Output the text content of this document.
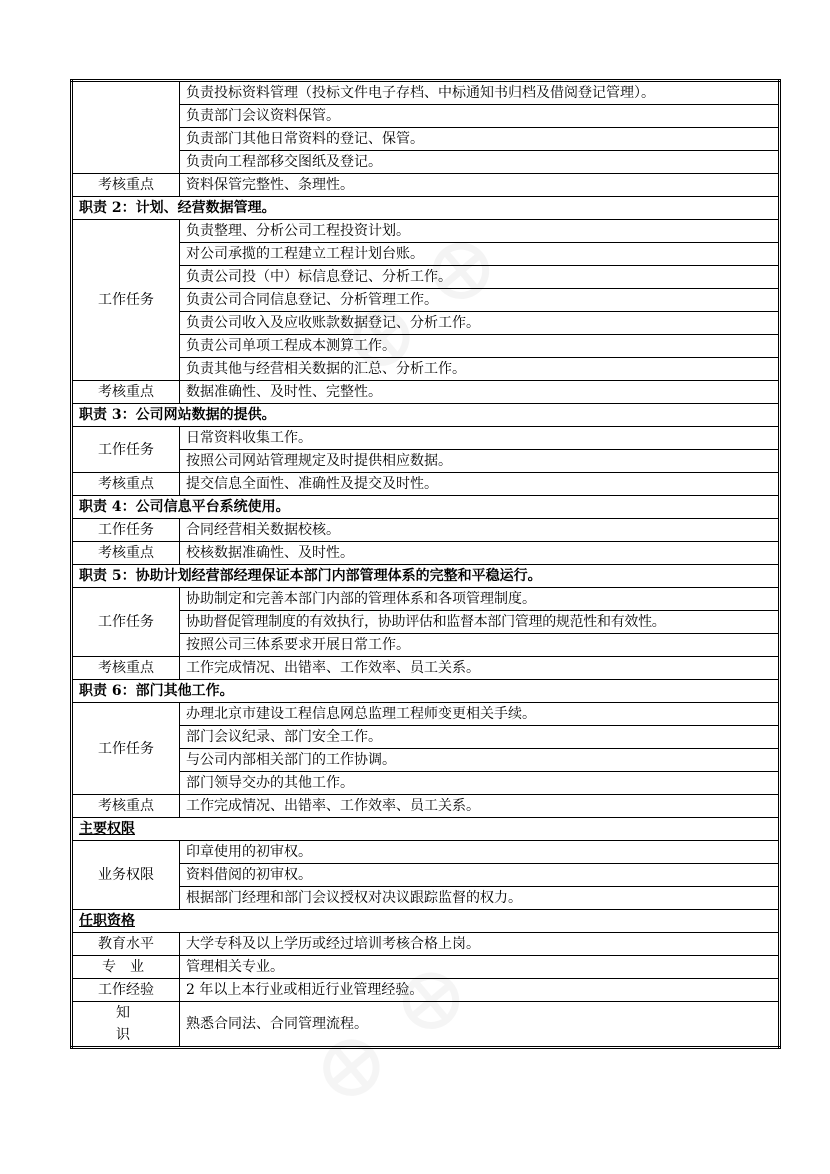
	负责投标资料管理（投标文件电子存档、中标通知书归档及借阅登记管理）。
	负责部门会议资料保管。
	负责部门其他日常资料的登记、保管。
	负责向工程部移交图纸及登记。
考核重点	资料保管完整性、条理性。
职责 2：计划、经营数据管理。	
工作任务	负责整理、分析公司工程投资计划。
	对公司承揽的工程建立工程计划台账。
	负责公司投（中）标信息登记、分析工作。
	负责公司合同信息登记、分析管理工作。
	负责公司收入及应收账款数据登记、分析工作。
	负责公司单项工程成本测算工作。
	负责其他与经营相关数据的汇总、分析工作。
考核重点	数据准确性、及时性、完整性。
职责 3：公司网站数据的提供。	
工作任务	日常资料收集工作。
	按照公司网站管理规定及时提供相应数据。
考核重点	提交信息全面性、准确性及提交及时性。
职责 4：公司信息平台系统使用。	
工作任务	合同经营相关数据校核。
考核重点	校核数据准确性、及时性。
职责 5：协助计划经营部经理保证本部门内部管理体系的完整和平稳运行。	
工作任务	协助制定和完善本部门内部的管理体系和各项管理制度。
	协助督促管理制度的有效执行，协助评估和监督本部门管理的规范性和有效性。
	按照公司三体系要求开展日常工作。
考核重点	工作完成情况、出错率、工作效率、员工关系。
职责 6：部门其他工作。	
工作任务	办理北京市建设工程信息网总监理工程师变更相关手续。
	部门会议纪录、部门安全工作。
	与公司内部相关部门的工作协调。
	部门领导交办的其他工作。
考核重点	工作完成情况、出错率、工作效率、员工关系。
主要权限	
业务权限	印章使用的初审权。
	资料借阅的初审权。
	根据部门经理和部门会议授权对决议跟踪监督的权力。
任职资格	
教育水平	大学专科及以上学历或经过培训考核合格上岗。
专业	管理相关专业。
工作经验	2 年以上本行业或相近行业管理经验。
知识	熟悉合同法、合同管理流程。
